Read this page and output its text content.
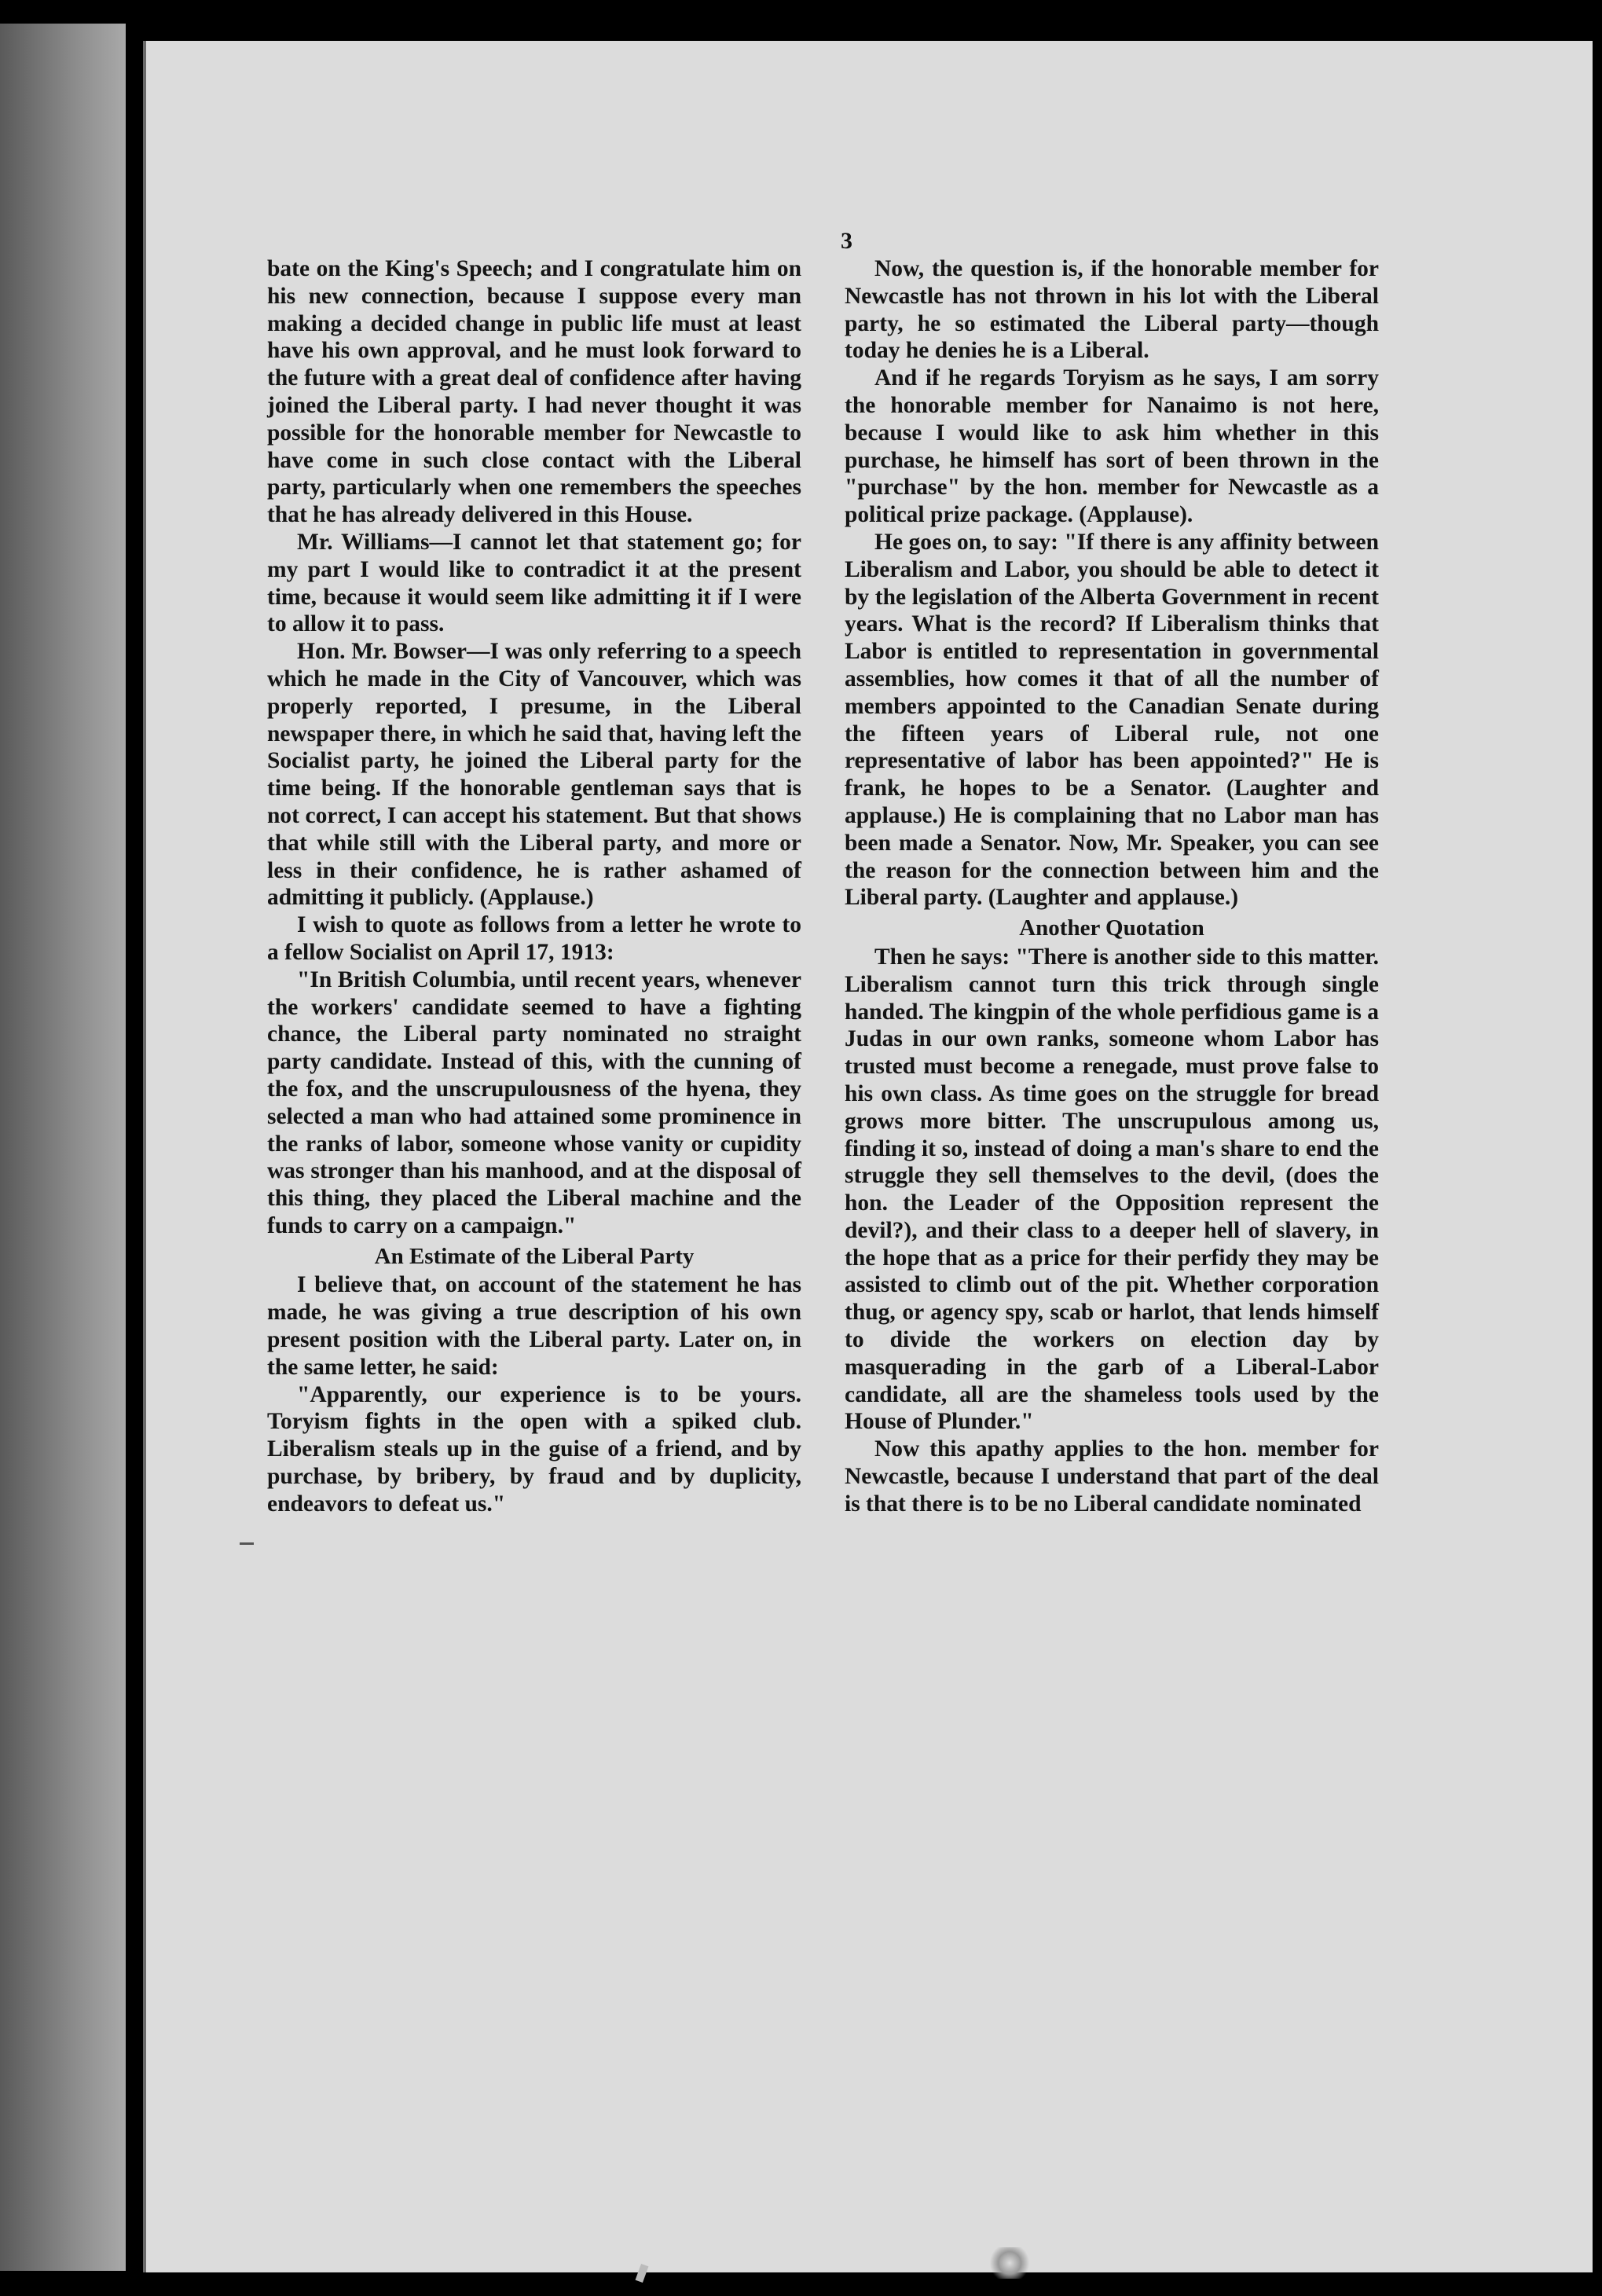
3

bate on the King's Speech; and I congratulate him on his new connection, because I suppose every man making a decided change in public life must at least have his own approval, and he must look forward to the future with a great deal of confidence after having joined the Liberal party. I had never thought it was possible for the honorable member for Newcastle to have come in such close contact with the Liberal party, particularly when one remembers the speeches that he has already delivered in this House.

Mr. Williams—I cannot let that statement go; for my part I would like to contradict it at the present time, because it would seem like admitting it if I were to allow it to pass.

Hon. Mr. Bowser—I was only referring to a speech which he made in the City of Vancouver, which was properly reported, I presume, in the Liberal newspaper there, in which he said that, having left the Socialist party, he joined the Liberal party for the time being. If the honorable gentleman says that is not correct, I can accept his statement. But that shows that while still with the Liberal party, and more or less in their confidence, he is rather ashamed of admitting it publicly. (Applause.)

I wish to quote as follows from a letter he wrote to a fellow Socialist on April 17, 1913:

"In British Columbia, until recent years, whenever the workers' candidate seemed to have a fighting chance, the Liberal party nominated no straight party candidate. Instead of this, with the cunning of the fox, and the unscrupulousness of the hyena, they selected a man who had attained some prominence in the ranks of labor, someone whose vanity or cupidity was stronger than his manhood, and at the disposal of this thing, they placed the Liberal machine and the funds to carry on a campaign."

An Estimate of the Liberal Party

I believe that, on account of the statement he has made, he was giving a true description of his own present position with the Liberal party. Later on, in the same letter, he said:

"Apparently, our experience is to be yours. Toryism fights in the open with a spiked club. Liberalism steals up in the guise of a friend, and by purchase, by bribery, by fraud and by duplicity, endeavors to defeat us."

Now, the question is, if the honorable member for Newcastle has not thrown in his lot with the Liberal party, he so estimated the Liberal party—though today he denies he is a Liberal.

And if he regards Toryism as he says, I am sorry the honorable member for Nanaimo is not here, because I would like to ask him whether in this purchase, he himself has sort of been thrown in the "purchase" by the hon. member for Newcastle as a political prize package. (Applause).

He goes on, to say: "If there is any affinity between Liberalism and Labor, you should be able to detect it by the legislation of the Alberta Government in recent years. What is the record? If Liberalism thinks that Labor is entitled to representation in governmental assemblies, how comes it that of all the number of members appointed to the Canadian Senate during the fifteen years of Liberal rule, not one representative of labor has been appointed?" He is frank, he hopes to be a Senator. (Laughter and applause.) He is complaining that no Labor man has been made a Senator. Now, Mr. Speaker, you can see the reason for the connection between him and the Liberal party. (Laughter and applause.)

Another Quotation

Then he says: "There is another side to this matter. Liberalism cannot turn this trick through single handed. The kingpin of the whole perfidious game is a Judas in our own ranks, someone whom Labor has trusted must become a renegade, must prove false to his own class. As time goes on the struggle for bread grows more bitter. The unscrupulous among us, finding it so, instead of doing a man's share to end the struggle they sell themselves to the devil, (does the hon. the Leader of the Opposition represent the devil?), and their class to a deeper hell of slavery, in the hope that as a price for their perfidy they may be assisted to climb out of the pit. Whether corporation thug, or agency spy, scab or harlot, that lends himself to divide the workers on election day by masquerading in the garb of a Liberal-Labor candidate, all are the shameless tools used by the House of Plunder."

Now this apathy applies to the hon. member for Newcastle, because I understand that part of the deal is that there is to be no Liberal candidate nominated
